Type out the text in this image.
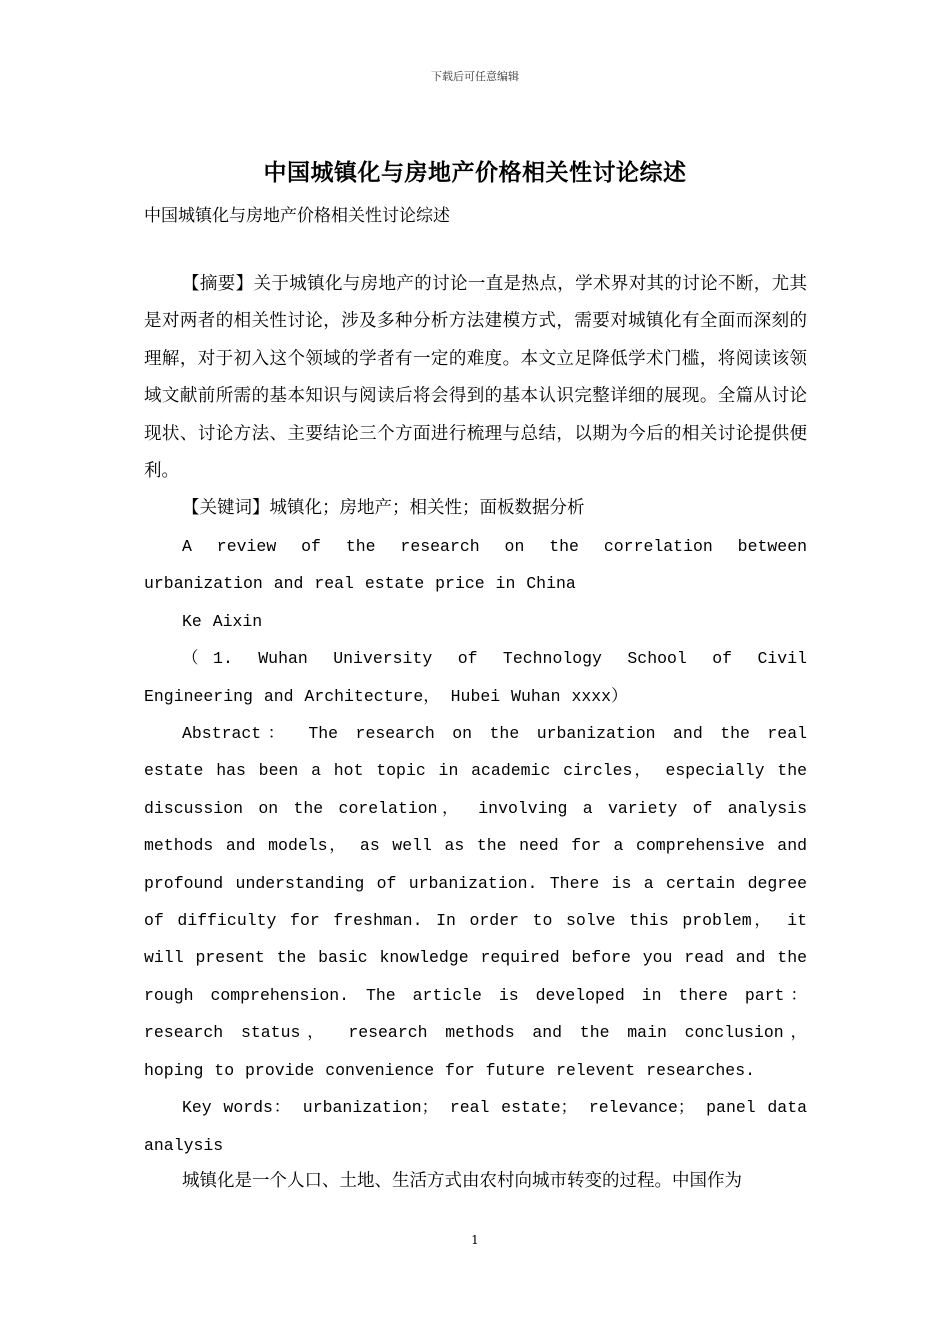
下载后可任意编辑
中国城镇化与房地产价格相关性讨论综述
中国城镇化与房地产价格相关性讨论综述

【摘要】关于城镇化与房地产的讨论一直是热点，学术界对其的讨论不断，尤其是对两者的相关性讨论，涉及多种分析方法建模方式，需要对城镇化有全面而深刻的理解，对于初入这个领域的学者有一定的难度。本文立足降低学术门槛，将阅读该领域文献前所需的基本知识与阅读后将会得到的基本认识完整详细的展现。全篇从讨论现状、讨论方法、主要结论三个方面进行梳理与总结，以期为今后的相关讨论提供便利。

【关键词】城镇化；房地产；相关性；面板数据分析

A review of the research on the correlation between urbanization and real estate price in China

Ke Aixin

（1. Wuhan University of Technology School of Civil Engineering and Architecture， Hubei Wuhan xxxx）

Abstract： The research on the urbanization and the real estate has been a hot topic in academic circles， especially the discussion on the corelation， involving a variety of analysis methods and models， as well as the need for a comprehensive and profound understanding of urbanization. There is a certain degree of difficulty for freshman. In order to solve this problem， it will present the basic knowledge required before you read and the rough comprehension. The article is developed in there part： research status， research methods and the main conclusion， hoping to provide convenience for future relevent researches.

Key words： urbanization； real estate； relevance； panel data analysis

城镇化是一个人口、土地、生活方式由农村向城市转变的过程。中国作为

1
